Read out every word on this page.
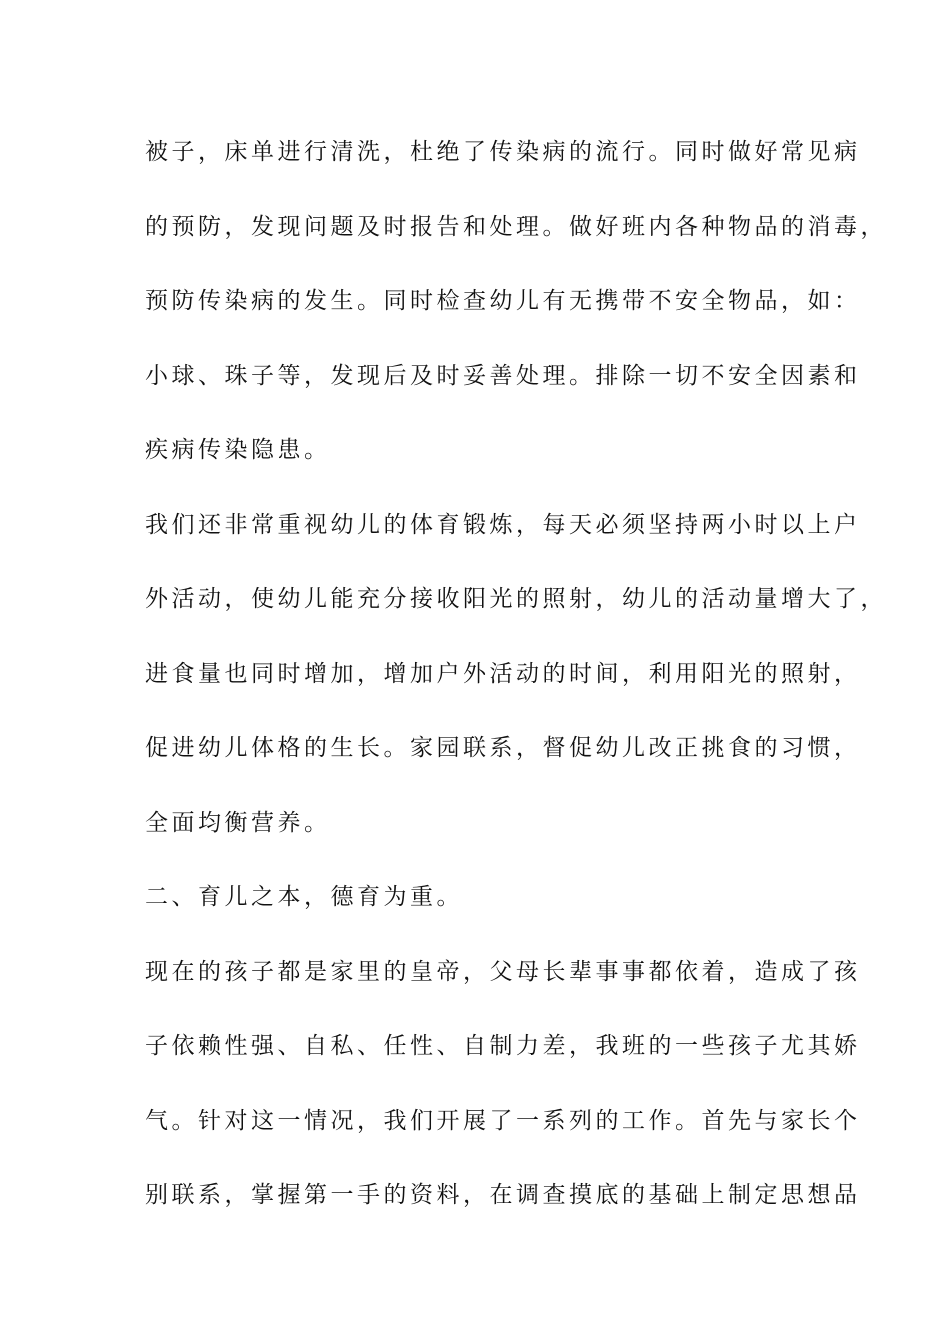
被子，床单进行清洗，杜绝了传染病的流行。同时做好常见病
的预防，发现问题及时报告和处理。做好班内各种物品的消毒，
预防传染病的发生。同时检查幼儿有无携带不安全物品，如：
小球、珠子等，发现后及时妥善处理。排除一切不安全因素和
疾病传染隐患。
我们还非常重视幼儿的体育锻炼，每天必须坚持两小时以上户
外活动，使幼儿能充分接收阳光的照射，幼儿的活动量增大了，
进食量也同时增加，增加户外活动的时间，利用阳光的照射，
促进幼儿体格的生长。家园联系，督促幼儿改正挑食的习惯，
全面均衡营养。
二、育儿之本，德育为重。
现在的孩子都是家里的皇帝，父母长辈事事都依着，造成了孩
子依赖性强、自私、任性、自制力差，我班的一些孩子尤其娇
气。针对这一情况，我们开展了一系列的工作。首先与家长个
别联系，掌握第一手的资料，在调查摸底的基础上制定思想品
